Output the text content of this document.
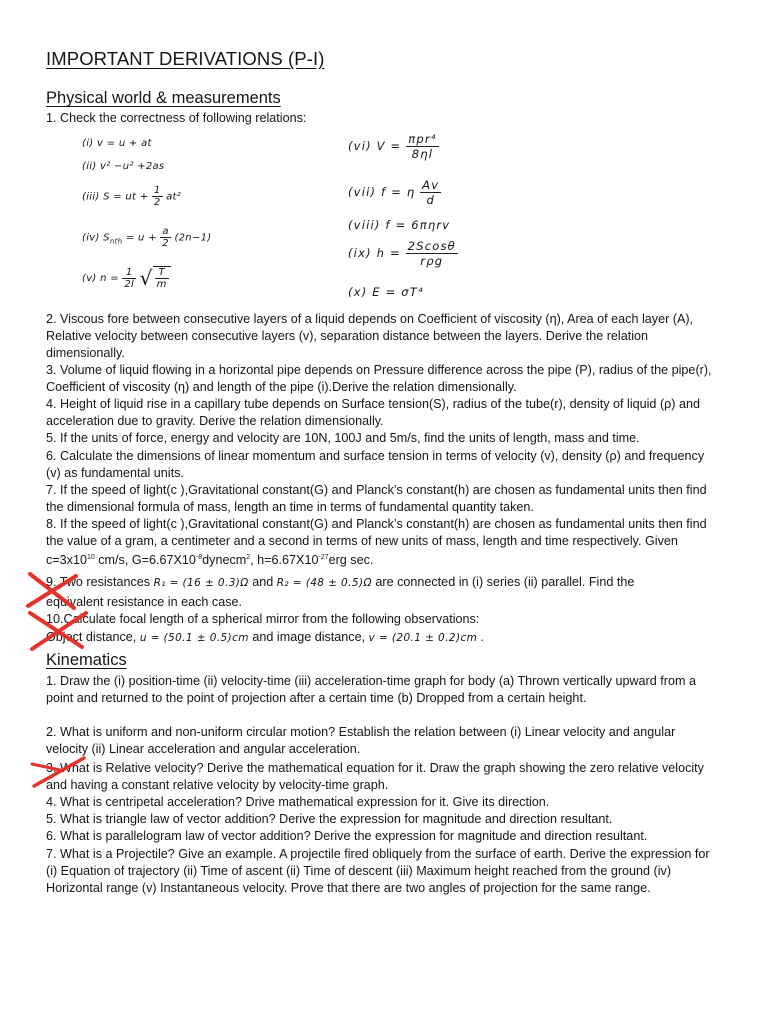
IMPORTANT DERIVATIONS (P-I)
Physical world & measurements
1. Check the correctness of following relations:
(i) v = u + at
(ii) v² −u² +2as
(iii) S = ut + $\frac{1}{2} at^2$
(iv) $S_{nth} = u + \frac{a}{2} (2n-1)$
(v) $n = \frac{1}{2l}$ √ $\frac{T}{m}$
(vi) $V = \frac{\text{πpr⁴}}{8\eta l}$
(vii) f = η $\frac{Av}{d}$
(viii) f = 6πηrv
(ix) $h = \frac{2Scos\theta}{\text{rρg}}$
(x) E = σT⁴
2. Viscous fore between consecutive layers of a liquid depends on Coefficient of viscosity (η), Area of each layer (A), Relative velocity between consecutive layers (v), separation distance between the layers. Derive the relation dimensionally.
3. Volume of liquid flowing in a horizontal pipe depends on Pressure difference across the pipe (P), radius of the pipe(r), Coefficient of viscosity (η) and length of the pipe (i).Derive the relation dimensionally.
4. Height of liquid rise in a capillary tube depends on Surface tension(S), radius of the tube(r), density of liquid (ρ) and acceleration due to gravity. Derive the relation dimensionally.
5. If the units of force, energy and velocity are 10N, 100J and 5m/s, find the units of length, mass and time.
6. Calculate the dimensions of linear momentum and surface tension in terms of velocity (v), density (ρ) and frequency (v) as fundamental units.
7. If the speed of light(c ),Gravitational constant(G) and Planck’s constant(h) are chosen as fundamental units then find the dimensional formula of mass, length an time in terms of fundamental quantity taken.
8. If the speed of light(c ),Gravitational constant(G) and Planck’s constant(h) are chosen as fundamental units then find the value of a gram, a centimeter and a second in terms of new units of mass, length and time respectively. Given $c=3x10^{10}$ cm/s, $G=6.67X10^{-8}dynecm^2$, $h=6.67X10^{-27}erg$ sec.
9. Two resistances R₁ = (16 ± 0.3)Ω and R₂ = (48 ± 0.5)Ω are connected in (i) series (ii) parallel. Find the
equivalent resistance in each case.
10.Calculate focal length of a spherical mirror from the following observations:
Object distance, u = (50.1 ± 0.5)cm and image distance, v = (20.1 ± 0.2)cm .
Kinematics
1. Draw the (i) position-time (ii) velocity-time (iii) acceleration-time graph for body (a) Thrown vertically upward from a point and returned to the point of projection after a certain time (b) Dropped from a certain height.
2. What is uniform and non-uniform circular motion? Establish the relation between (i) Linear velocity and angular velocity (ii) Linear acceleration and angular acceleration.
3. What is Relative velocity? Derive the mathematical equation for it. Draw the graph showing the zero relative velocity and having a constant relative velocity by velocity-time graph.
4. What is centripetal acceleration? Drive mathematical expression for it. Give its direction.
5. What is triangle law of vector addition? Derive the expression for magnitude and direction resultant.
6. What is parallelogram law of vector addition? Derive the expression for magnitude and direction resultant.
7. What is a Projectile? Give an example. A projectile fired obliquely from the surface of earth. Derive the expression for (i) Equation of trajectory (ii) Time of ascent (ii) Time of descent (iii) Maximum height reached from the ground (iv) Horizontal range (v) Instantaneous velocity. Prove that there are two angles of projection for the same range.
